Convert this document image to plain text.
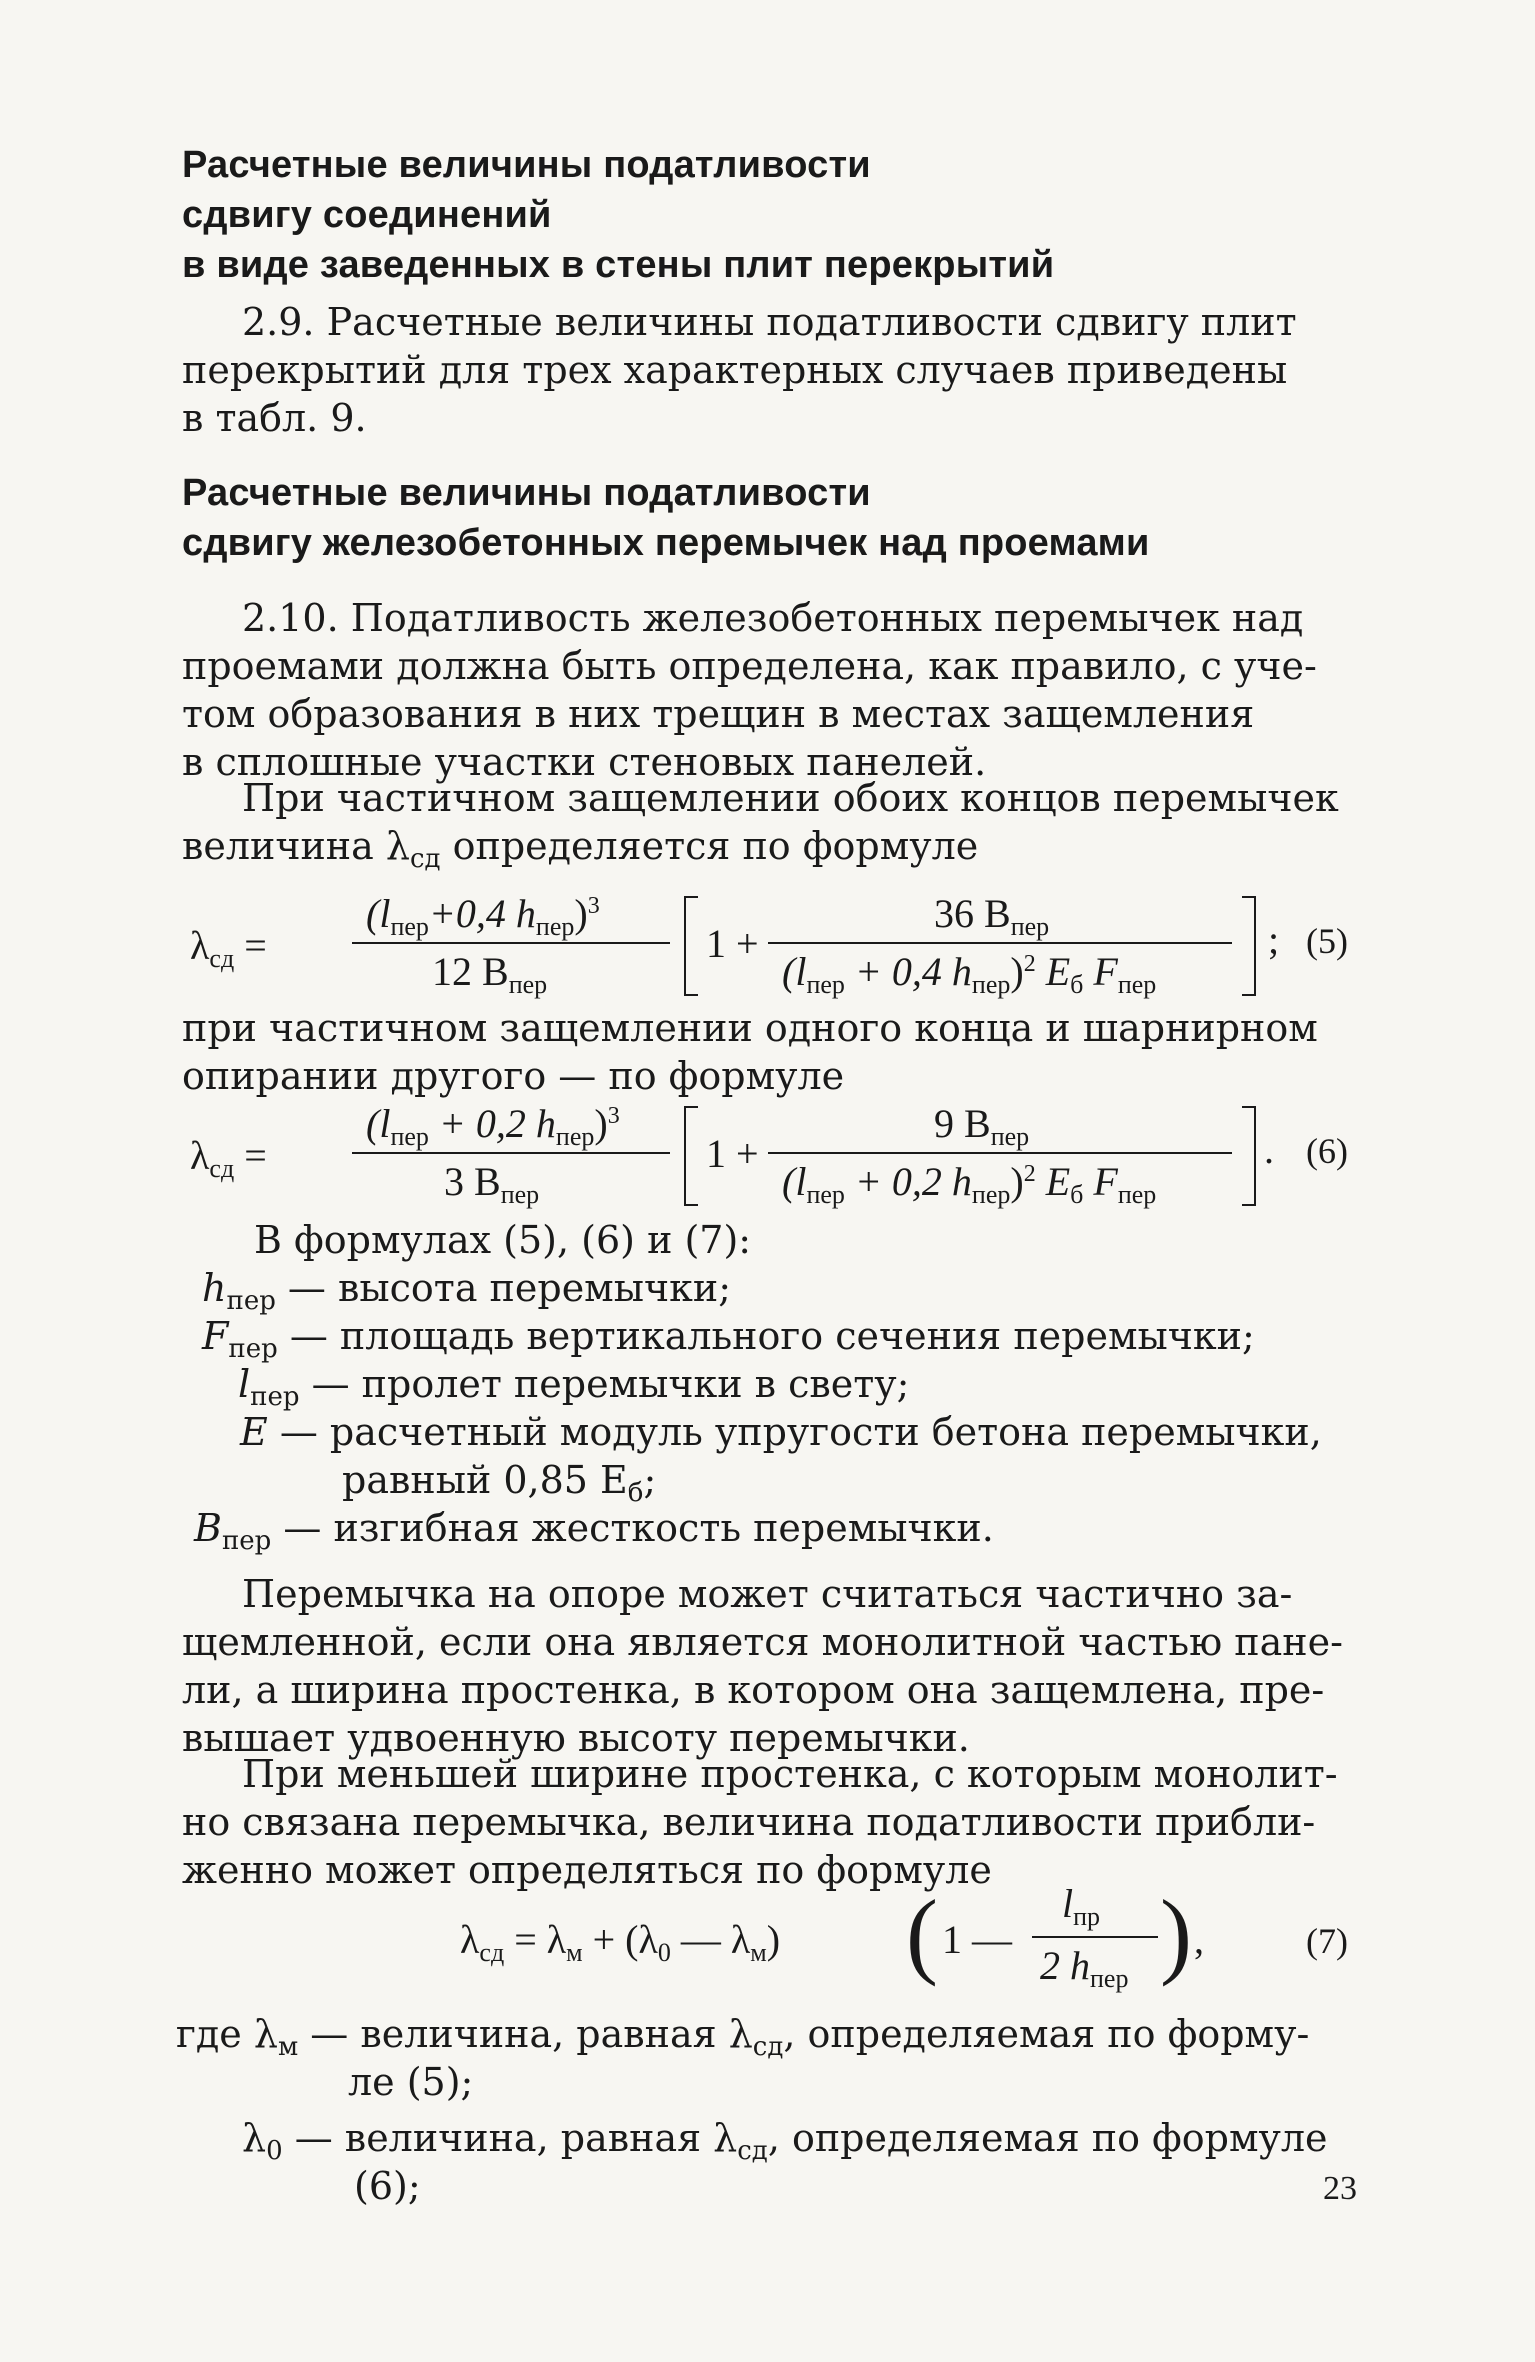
Расчетные величины податливости
сдвигу соединений
в виде заведенных в стены плит перекрытий
2.9. Расчетные величины податливости сдвигу плит
перекрытий для трех характерных случаев приведены
в табл. 9.
Расчетные величины податливости
сдвигу железобетонных перемычек над проемами
2.10. Податливость железобетонных перемычек над
проемами должна быть определена, как правило, с уче-
том образования в них трещин в местах защемления
в сплошные участки стеновых панелей.
При частичном защемлении обоих концов перемычек
величина $\lambda_{сд}$ определяется по формуле
$\lambda_{сд}$ =
($l_{пер}+0,4$ $h_{пер})^3$
12 $B_{пер}$
1 +
36 $B_{пер}$
($l_{пер} + 0,4$ $h_{пер})^2$ $E_б$ $F_{пер}$
; (5)
при частичном защемлении одного конца и шарнирном
опирании другого — по формуле
$\lambda_{сд}$ =
($l_{пер} + 0,2$ $h_{пер})^3$
3 $B_{пер}$
1 +
9 $B_{пер}$
($l_{пер} + 0,2$ $h_{пер})^2$ $E_б$ $F_{пер}$
. (6)
В формулах (5), (6) и (7):
$h_{пер}$ — высота перемычки;
$F_{пер}$ — площадь вертикального сечения перемычки;
$l_{пер}$ — пролет перемычки в свету;
E — расчетный модуль упругости бетона перемычки,
равный 0,85 $E_б$;
$B_{пер}$ — изгибная жесткость перемычки.
Перемычка на опоре может считаться частично за-
щемленной, если она является монолитной частью пане-
ли, а ширина простенка, в котором она защемлена, пре-
вышает удвоенную высоту перемычки.
При меньшей ширине простенка, с которым монолит-
но связана перемычка, величина податливости прибли-
женно может определяться по формуле
$\lambda_{сд} = \lambda_м + (\lambda_0$ — $\lambda_м$) ( 1 —
$l_{пр}$
2 $h_{пер}$ ) ,	(7)
где $\lambda_м$ — величина, равная $\lambda_{сд}$, определяемая по форму-
ле (5);
$\lambda_0$ — величина, равная $\lambda_{сд}$, определяемая по формуле
(6);	23
